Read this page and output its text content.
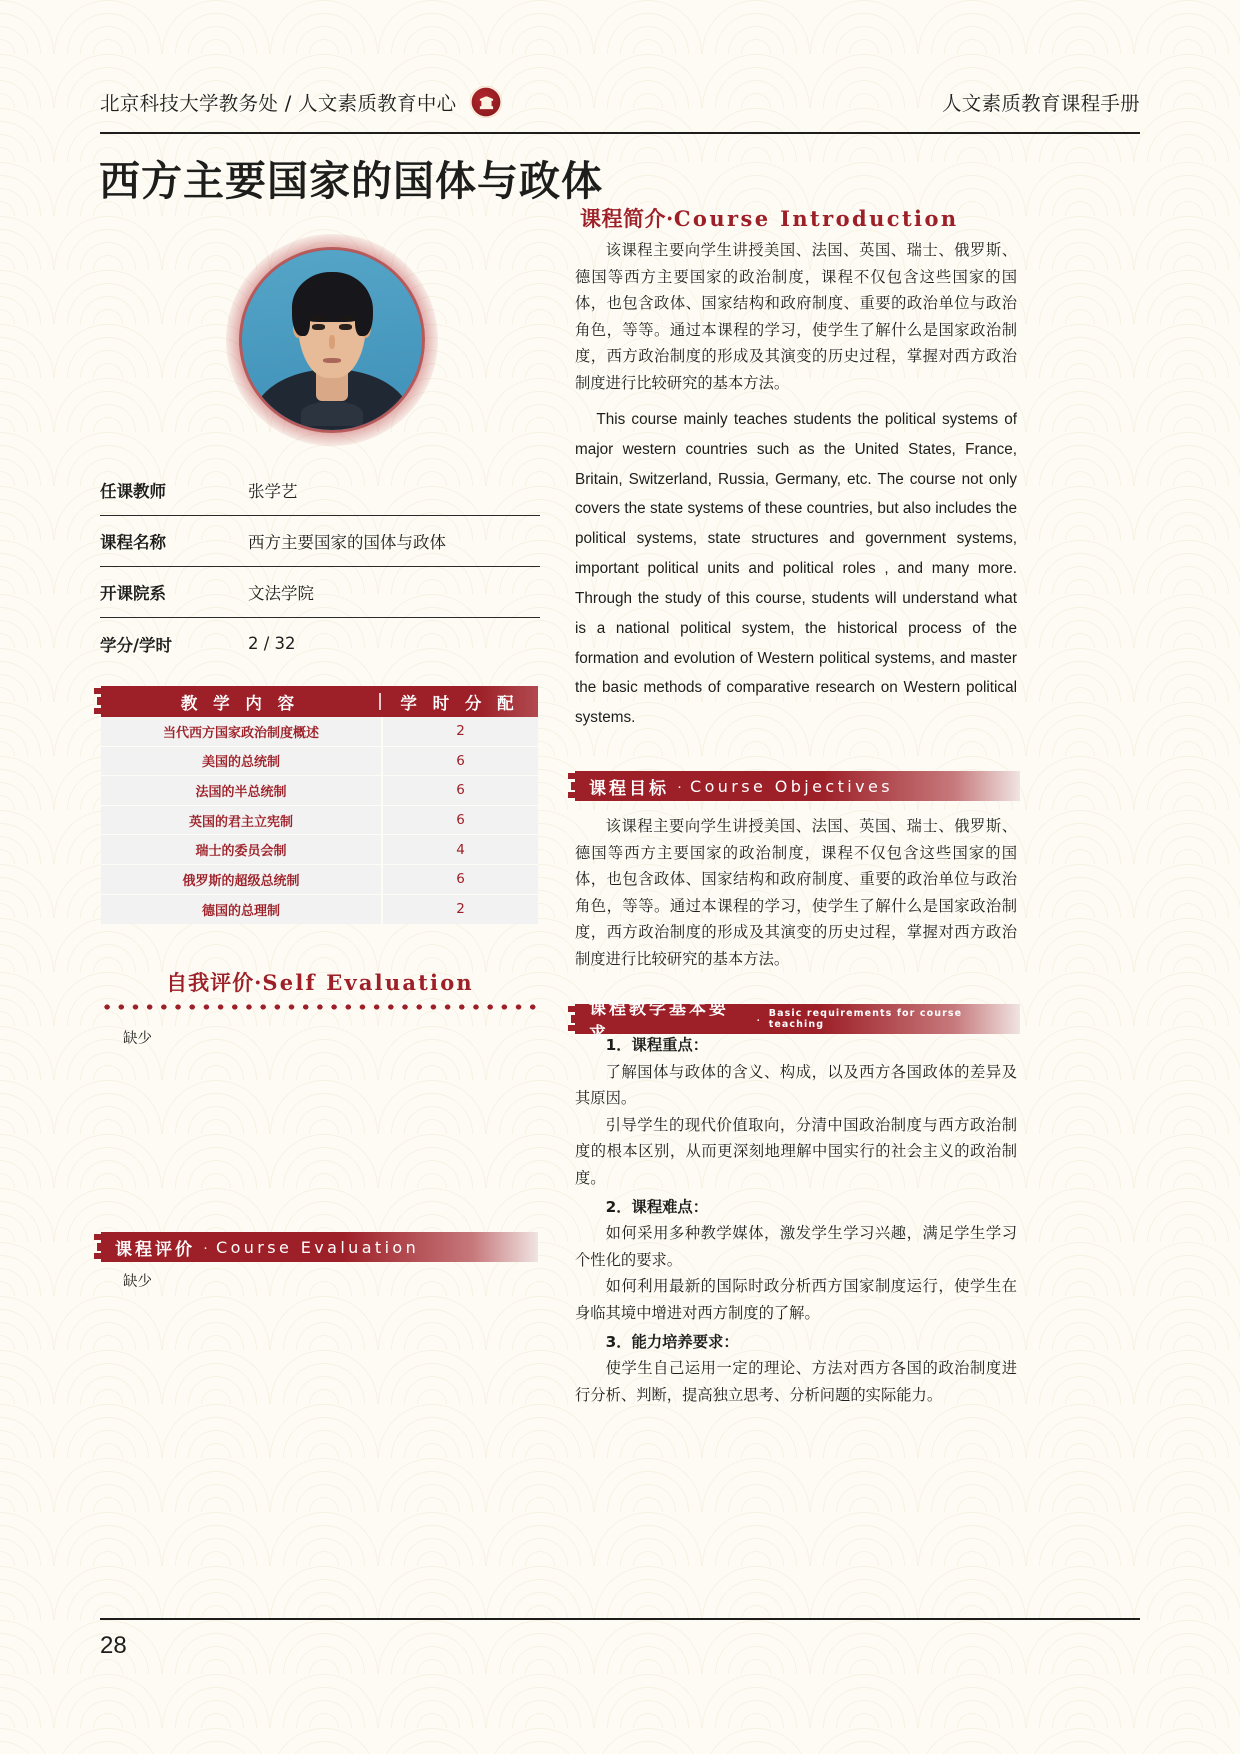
北京科技大学教务处 / 人文素质教育中心	人文素质教育课程手册
西方主要国家的国体与政体
任课教师	张学艺
课程名称	西方主要国家的国体与政体
开课院系	文法学院
学分/学时	2 / 32
教 学 内 容	学 时 分 配
当代西方国家政治制度概述	2
美国的总统制	6
法国的半总统制	6
英国的君主立宪制	6
瑞士的委员会制	4
俄罗斯的超级总统制	6
德国的总理制	2
自我评价·Self Evaluation
缺少
课程评价 · Course Evaluation
缺少
课程简介·Course Introduction
该课程主要向学生讲授美国、法国、英国、瑞士、俄罗斯、德国等西方主要国家的政治制度，课程不仅包含这些国家的国体，也包含政体、国家结构和政府制度、重要的政治单位与政治角色，等等。通过本课程的学习，使学生了解什么是国家政治制度，西方政治制度的形成及其演变的历史过程，掌握对西方政治制度进行比较研究的基本方法。
This course mainly teaches students the political systems of major western countries such as the United States, France, Britain, Switzerland, Russia, Germany, etc. The course not only covers the state systems of these countries, but also includes the political systems, state structures and government systems, important political units and political roles , and many more. Through the study of this course, students will understand what is a national political system, the historical process of the formation and evolution of Western political systems, and master the basic methods of comparative research on Western political systems.
课程目标 · Course Objectives
该课程主要向学生讲授美国、法国、英国、瑞士、俄罗斯、德国等西方主要国家的政治制度，课程不仅包含这些国家的国体，也包含政体、国家结构和政府制度、重要的政治单位与政治角色，等等。通过本课程的学习，使学生了解什么是国家政治制度，西方政治制度的形成及其演变的历史过程，掌握对西方政治制度进行比较研究的基本方法。
课程教学基本要求
· Basic requirements for course teaching
1．课程重点：
了解国体与政体的含义、构成，以及西方各国政体的差异及其原因。
引导学生的现代价值取向，分清中国政治制度与西方政治制度的根本区别，从而更深刻地理解中国实行的社会主义的政治制度。
2．课程难点：
如何采用多种教学媒体，激发学生学习兴趣，满足学生学习个性化的要求。
如何利用最新的国际时政分析西方国家制度运行，使学生在身临其境中增进对西方制度的了解。
3．能力培养要求：
使学生自己运用一定的理论、方法对西方各国的政治制度进行分析、判断，提高独立思考、分析问题的实际能力。
28
